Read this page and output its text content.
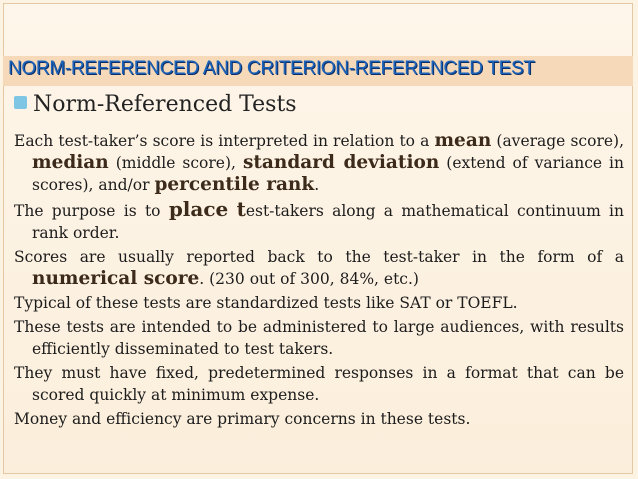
NORM-REFERENCED AND CRITERION-REFERENCED TEST
Norm-Referenced Tests

Each test-taker’s score is interpreted in relation to a mean (average score), median (middle score), standard deviation (extend of variance in scores), and/or percentile rank.

The purpose is to place test-takers along a mathematical continuum in rank order.

Scores are usually reported back to the test-taker in the form of a numerical score. (230 out of 300, 84%, etc.)

Typical of these tests are standardized tests like SAT or TOEFL.

These tests are intended to be administered to large audiences, with results efficiently disseminated to test takers.

They must have fixed, predetermined responses in a format that can be scored quickly at minimum expense.

Money and efficiency are primary concerns in these tests.
